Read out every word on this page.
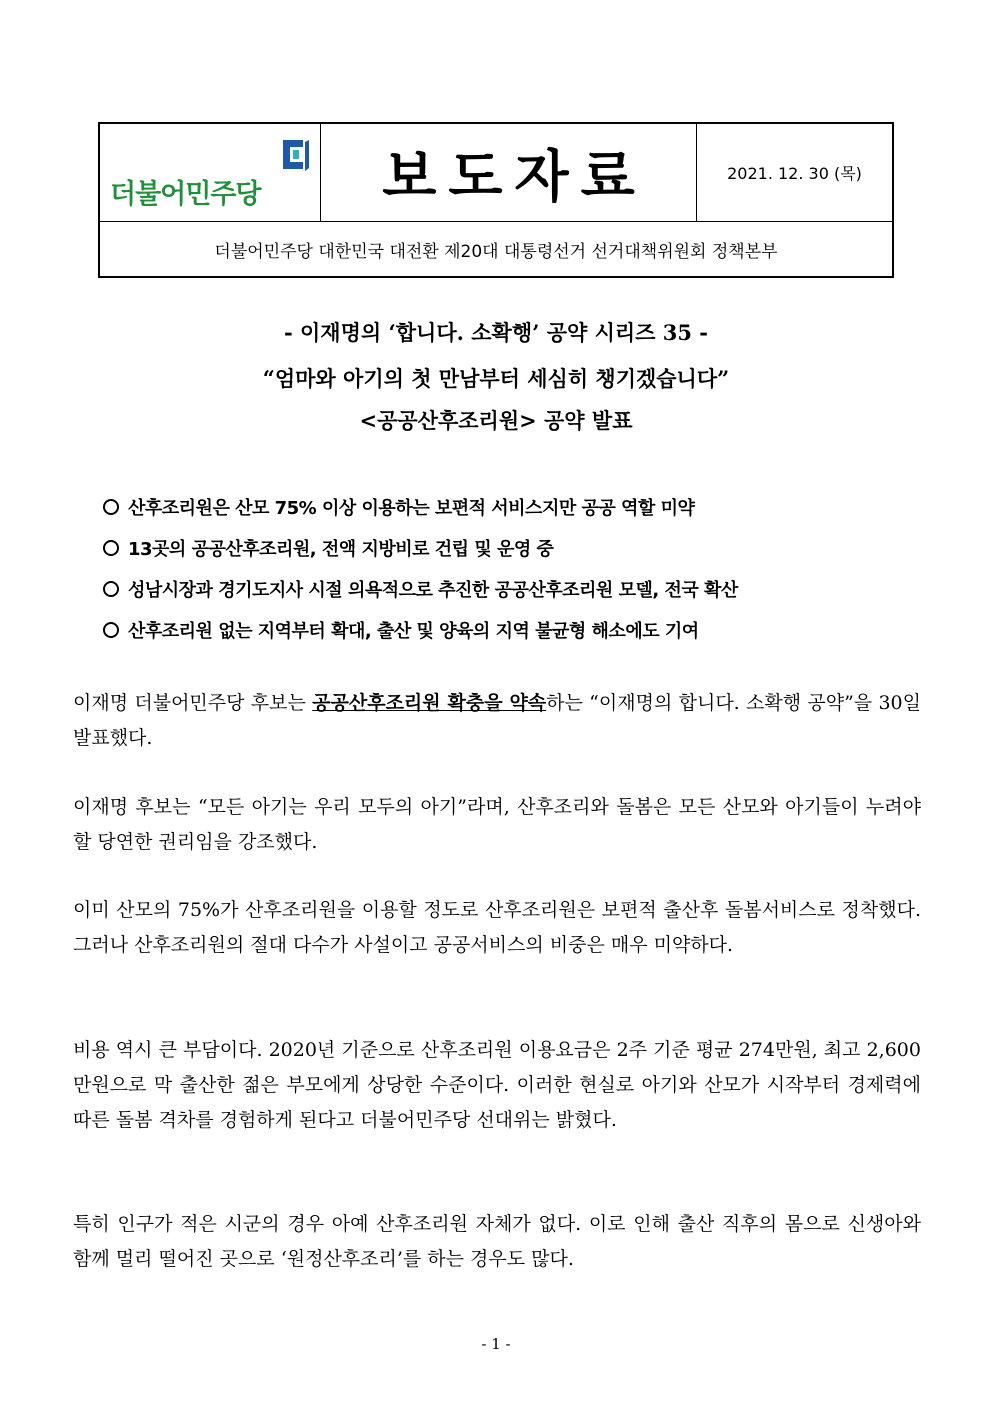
더불어민주당 보도자료	2021. 12. 30 (목)
더불어민주당 대한민국 대전환 제20대 대통령선거 선거대책위원회 정책본부
- 이재명의 ‘합니다. 소확행’ 공약 시리즈 35 -
“엄마와 아기의 첫 만남부터 세심히 챙기겠습니다”
<공공산후조리원> 공약 발표
산후조리원은 산모 75% 이상 이용하는 보편적 서비스지만 공공 역할 미약
13곳의 공공산후조리원, 전액 지방비로 건립 및 운영 중
성남시장과 경기도지사 시절 의욕적으로 추진한 공공산후조리원 모델, 전국 확산
산후조리원 없는 지역부터 확대, 출산 및 양육의 지역 불균형 해소에도 기여
이재명 더불어민주당 후보는 공공산후조리원 확충을 약속하는 “이재명의 합니다. 소확행 공약”을 30일 발표했다.
이재명 후보는 “모든 아기는 우리 모두의 아기”라며, 산후조리와 돌봄은 모든 산모와 아기들이 누려야 할 당연한 권리임을 강조했다.
이미 산모의 75%가 산후조리원을 이용할 정도로 산후조리원은 보편적 출산후 돌봄서비스로 정착했다. 그러나 산후조리원의 절대 다수가 사설이고 공공서비스의 비중은 매우 미약하다.
비용 역시 큰 부담이다. 2020년 기준으로 산후조리원 이용요금은 2주 기준 평균 274만원, 최고 2,600만원으로 막 출산한 젊은 부모에게 상당한 수준이다. 이러한 현실로 아기와 산모가 시작부터 경제력에 따른 돌봄 격차를 경험하게 된다고 더불어민주당 선대위는 밝혔다.
특히 인구가 적은 시군의 경우 아예 산후조리원 자체가 없다. 이로 인해 출산 직후의 몸으로 신생아와 함께 멀리 떨어진 곳으로 ‘원정산후조리’를 하는 경우도 많다.
- 1 -
